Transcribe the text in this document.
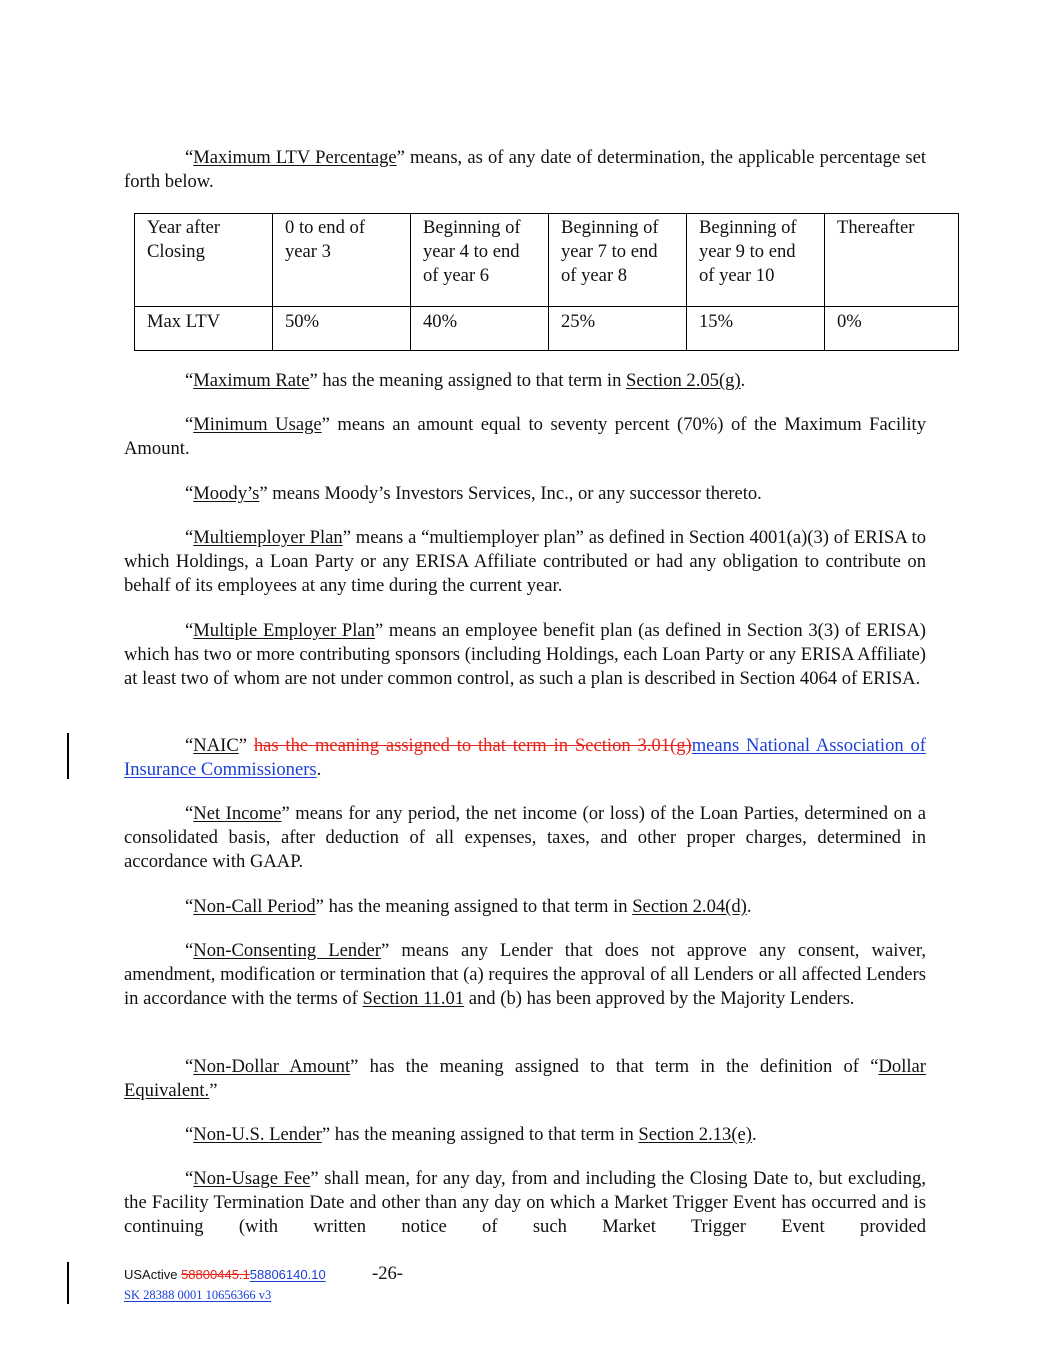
“Maximum LTV Percentage” means, as of any date of determination, the applicable percentage set forth below.

Year after Closing	0 to end of year 3	Beginning of year 4 to end of year 6	Beginning of year 7 to end of year 8	Beginning of year 9 to end of year 10	Thereafter
Max LTV	50%	40%	25%	15%	0%

“Maximum Rate” has the meaning assigned to that term in Section 2.05(g).

“Minimum Usage” means an amount equal to seventy percent (70%) of the Maximum Facility Amount.

“Moody’s” means Moody’s Investors Services, Inc., or any successor thereto.

“Multiemployer Plan” means a “multiemployer plan” as defined in Section 4001(a)(3) of ERISA to which Holdings, a Loan Party or any ERISA Affiliate contributed or had any obligation to contribute on behalf of its employees at any time during the current year.

“Multiple Employer Plan” means an employee benefit plan (as defined in Section 3(3) of ERISA) which has two or more contributing sponsors (including Holdings, each Loan Party or any ERISA Affiliate) at least two of whom are not under common control, as such a plan is described in Section 4064 of ERISA.

“NAIC” has the meaning assigned to that term in Section 3.01(g)means National Association of Insurance Commissioners.

“Net Income” means for any period, the net income (or loss) of the Loan Parties, determined on a consolidated basis, after deduction of all expenses, taxes, and other proper charges, determined in accordance with GAAP.

“Non-Call Period” has the meaning assigned to that term in Section 2.04(d).

“Non-Consenting Lender” means any Lender that does not approve any consent, waiver, amendment, modification or termination that (a) requires the approval of all Lenders or all affected Lenders in accordance with the terms of Section 11.01 and (b) has been approved by the Majority Lenders.

“Non-Dollar Amount” has the meaning assigned to that term in the definition of “Dollar Equivalent.”

“Non-U.S. Lender” has the meaning assigned to that term in Section 2.13(e).

“Non-Usage Fee” shall mean, for any day, from and including the Closing Date to, but excluding, the Facility Termination Date and other than any day on which a Market Trigger Event has occurred and is continuing (with written notice of such Market Trigger Event provided

USActive 58800445.158806140.10 -26-
SK 28388 0001 10656366 v3
